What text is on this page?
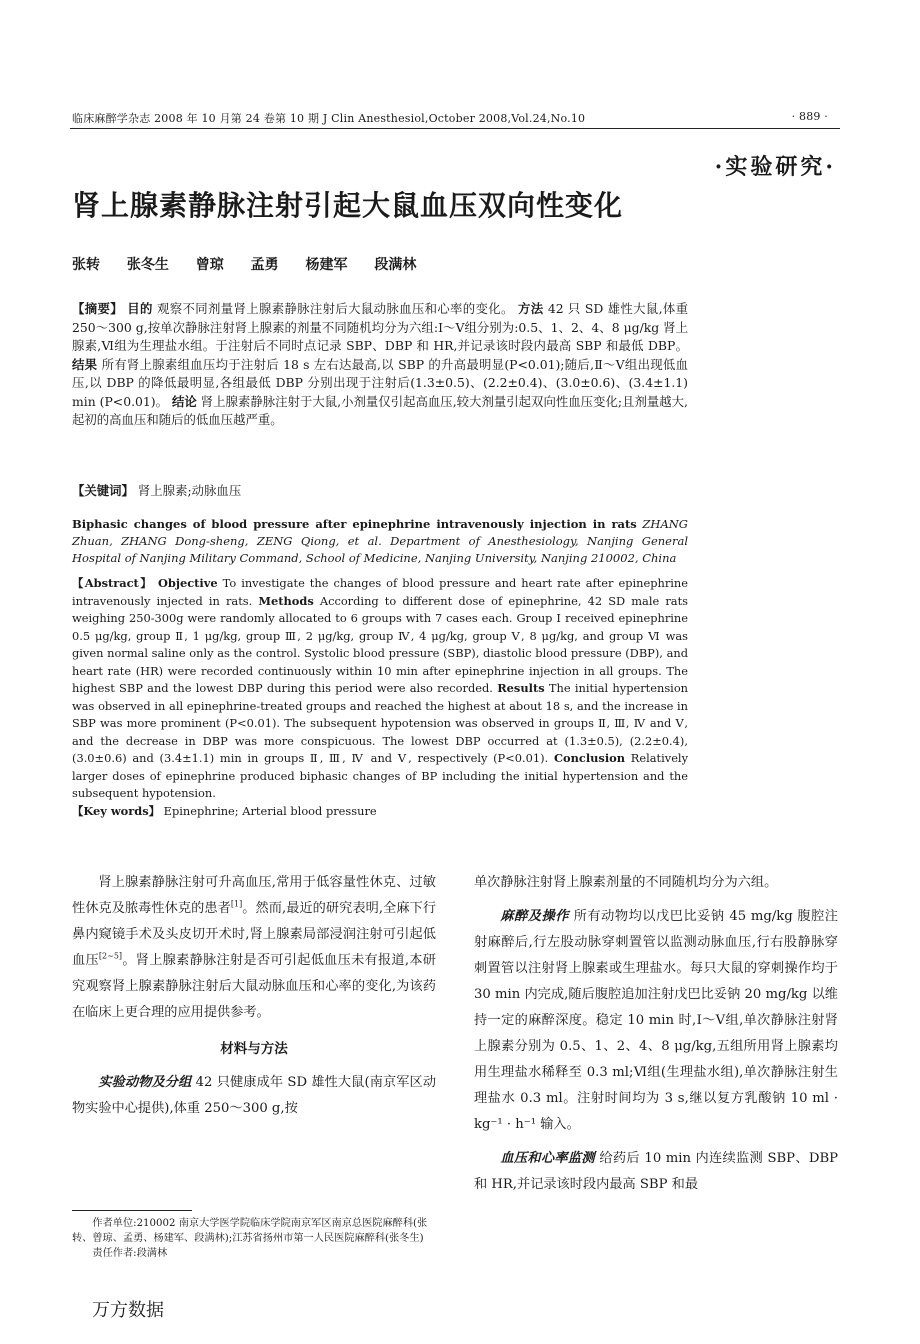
临床麻醉学杂志 2008 年 10 月第 24 卷第 10 期 J Clin Anesthesiol,October 2008,Vol.24,No.10	· 889 ·
·实验研究·
肾上腺素静脉注射引起大鼠血压双向性变化
张转 张冬生 曾琼 孟勇 杨建军 段满林
【摘要】 目的 观察不同剂量肾上腺素静脉注射后大鼠动脉血压和心率的变化。 方法 42 只 SD 雄性大鼠,体重 250～300 g,按单次静脉注射肾上腺素的剂量不同随机均分为六组:Ⅰ～Ⅴ组分别为:0.5、1、2、4、8 μg/kg 肾上腺素,Ⅵ组为生理盐水组。于注射后不同时点记录 SBP、DBP 和 HR,并记录该时段内最高 SBP 和最低 DBP。 结果 所有肾上腺素组血压均于注射后 18 s 左右达最高,以 SBP 的升高最明显(P<0.01);随后,Ⅱ～Ⅴ组出现低血压,以 DBP 的降低最明显,各组最低 DBP 分别出现于注射后(1.3±0.5)、(2.2±0.4)、(3.0±0.6)、(3.4±1.1) min (P<0.01)。 结论 肾上腺素静脉注射于大鼠,小剂量仅引起高血压,较大剂量引起双向性血压变化;且剂量越大,起初的高血压和随后的低血压越严重。
【关键词】 肾上腺素;动脉血压
Biphasic changes of blood pressure after epinephrine intravenously injection in rats ZHANG Zhuan, ZHANG Dong-sheng, ZENG Qiong, et al. Department of Anesthesiology, Nanjing General Hospital of Nanjing Military Command, School of Medicine, Nanjing University, Nanjing 210002, China
【Abstract】 Objective To investigate the changes of blood pressure and heart rate after epinephrine intravenously injected in rats. Methods According to different dose of epinephrine, 42 SD male rats weighing 250-300g were randomly allocated to 6 groups with 7 cases each. Group Ⅰ received epinephrine 0.5 μg/kg, group Ⅱ, 1 μg/kg, group Ⅲ, 2 μg/kg, group Ⅳ, 4 μg/kg, group Ⅴ, 8 μg/kg, and group Ⅵ was given normal saline only as the control. Systolic blood pressure (SBP), diastolic blood pressure (DBP), and heart rate (HR) were recorded continuously within 10 min after epinephrine injection in all groups. The highest SBP and the lowest DBP during this period were also recorded. Results The initial hypertension was observed in all epinephrine-treated groups and reached the highest at about 18 s, and the increase in SBP was more prominent (P<0.01). The subsequent hypotension was observed in groups Ⅱ, Ⅲ, Ⅳ and Ⅴ, and the decrease in DBP was more conspicuous. The lowest DBP occurred at (1.3±0.5), (2.2±0.4), (3.0±0.6) and (3.4±1.1) min in groups Ⅱ, Ⅲ, Ⅳ and Ⅴ, respectively (P<0.01). Conclusion Relatively larger doses of epinephrine produced biphasic changes of BP including the initial hypertension and the subsequent hypotension.
【Key words】 Epinephrine; Arterial blood pressure

肾上腺素静脉注射可升高血压,常用于低容量性休克、过敏性休克及脓毒性休克的患者[1]。然而,最近的研究表明,全麻下行鼻内窥镜手术及头皮切开术时,肾上腺素局部浸润注射可引起低血压[2~5]。肾上腺素静脉注射是否可引起低血压未有报道,本研究观察肾上腺素静脉注射后大鼠动脉血压和心率的变化,为该药在临床上更合理的应用提供参考。

材料与方法

实验动物及分组 42 只健康成年 SD 雄性大鼠(南京军区动物实验中心提供),体重 250～300 g,按

单次静脉注射肾上腺素剂量的不同随机均分为六组。

麻醉及操作 所有动物均以戊巴比妥钠 45 mg/kg 腹腔注射麻醉后,行左股动脉穿刺置管以监测动脉血压,行右股静脉穿刺置管以注射肾上腺素或生理盐水。每只大鼠的穿刺操作均于 30 min 内完成,随后腹腔追加注射戊巴比妥钠 20 mg/kg 以维持一定的麻醉深度。稳定 10 min 时,Ⅰ～Ⅴ组,单次静脉注射肾上腺素分别为 0.5、1、2、4、8 μg/kg,五组所用肾上腺素均用生理盐水稀释至 0.3 ml;Ⅵ组(生理盐水组),单次静脉注射生理盐水 0.3 ml。注射时间均为 3 s,继以复方乳酸钠 10 ml · kg⁻¹ · h⁻¹ 输入。

血压和心率监测 给药后 10 min 内连续监测 SBP、DBP 和 HR,并记录该时段内最高 SBP 和最

作者单位:210002 南京大学医学院临床学院南京军区南京总医院麻醉科(张转、曾琼、孟勇、杨建军、段满林);江苏省扬州市第一人民医院麻醉科(张冬生)

责任作者:段满林

万方数据
